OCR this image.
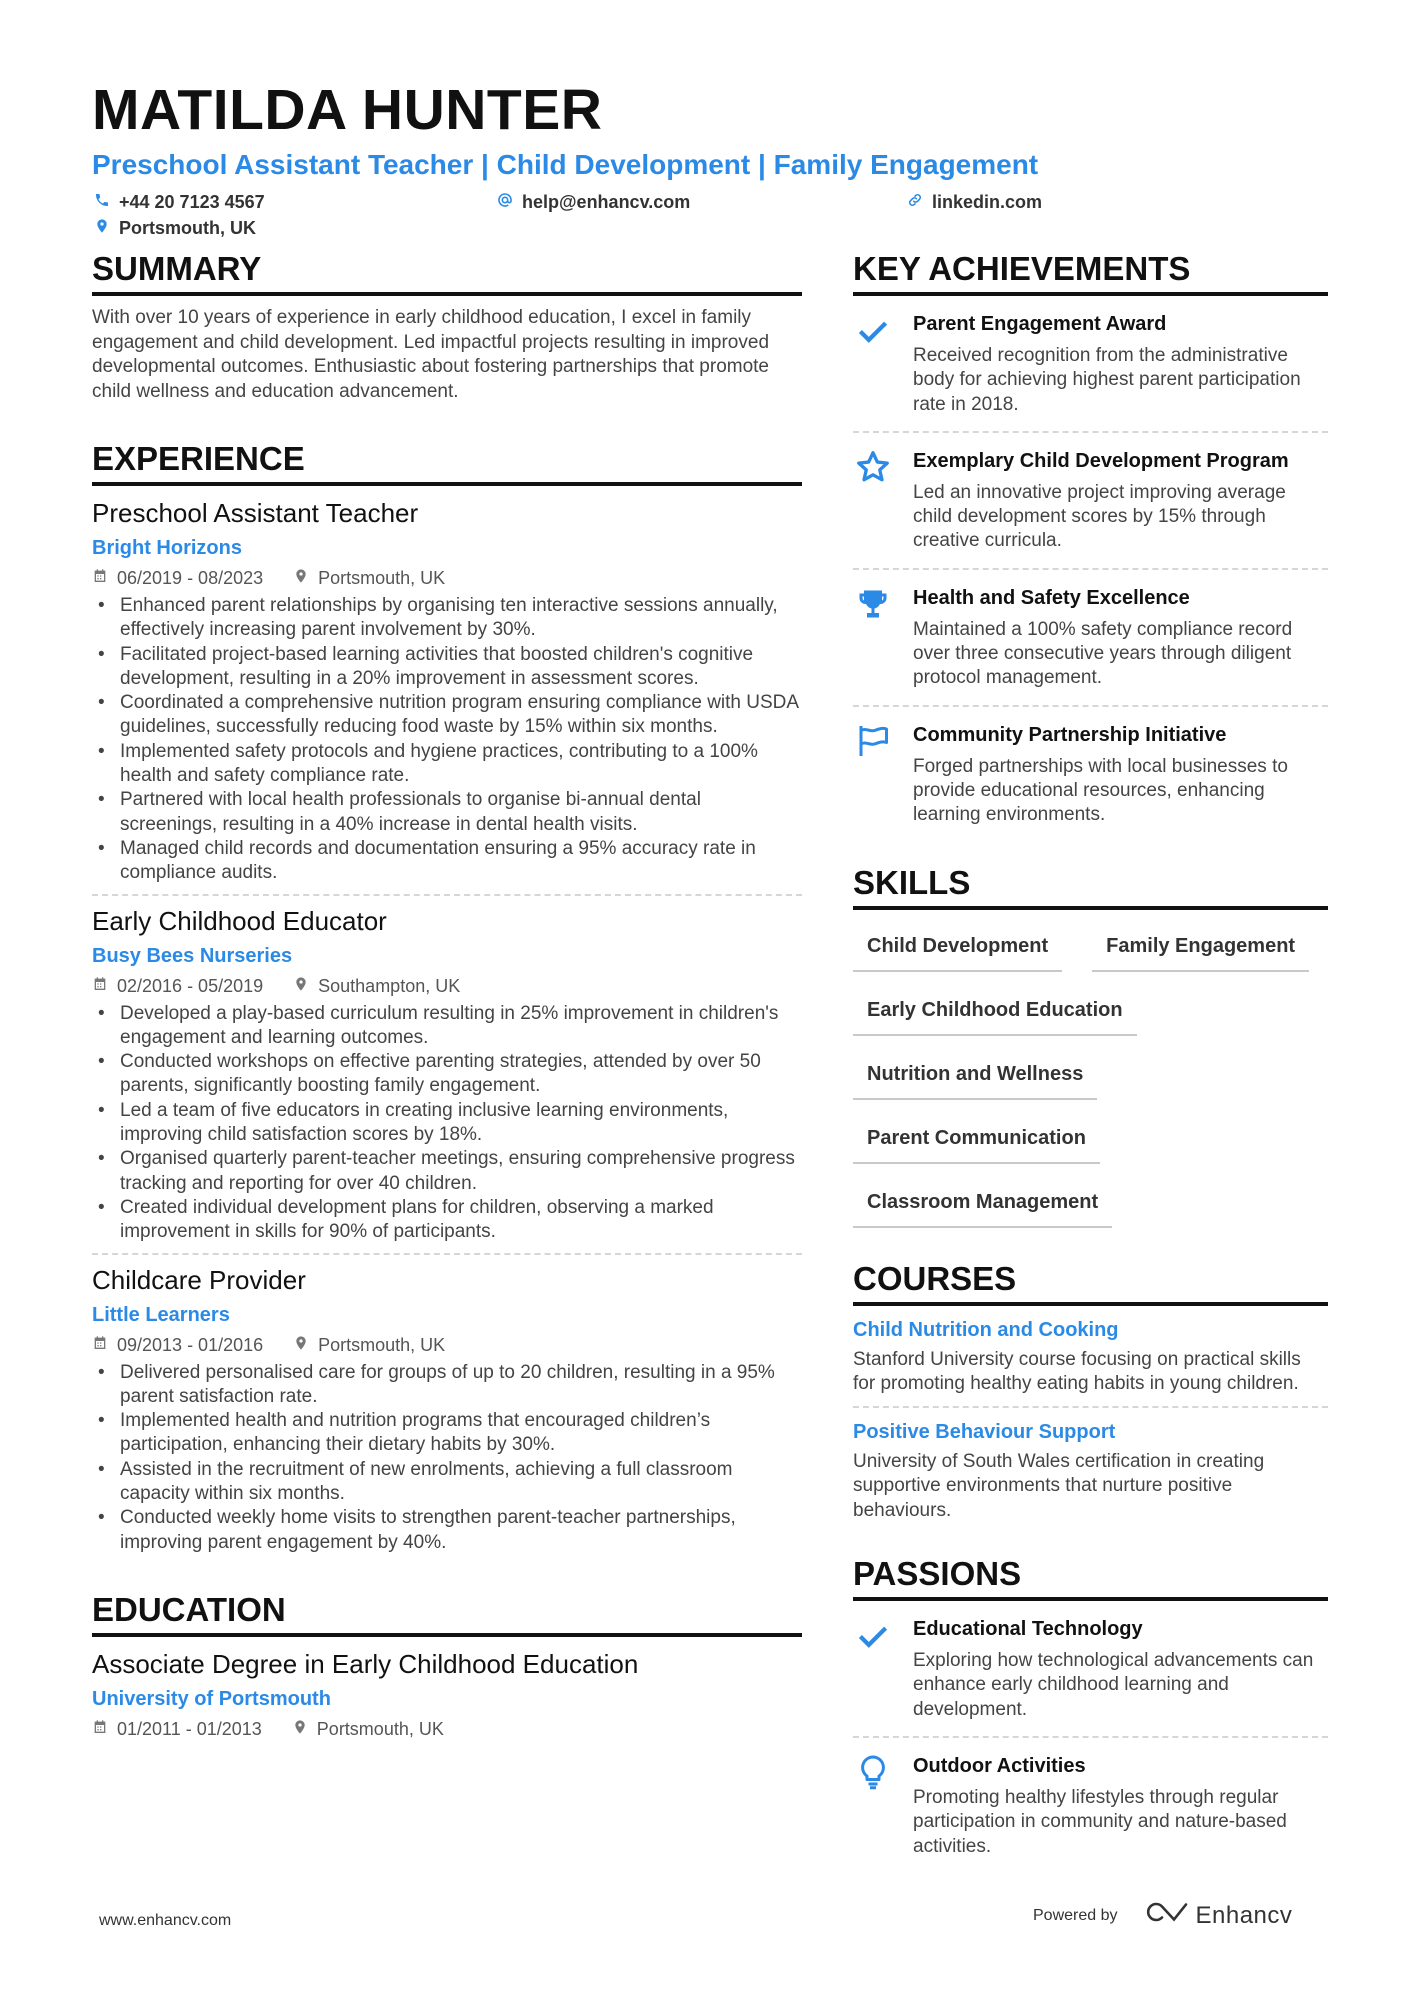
MATILDA HUNTER
Preschool Assistant Teacher | Child Development | Family Engagement
+44 20 7123 4567	help@enhancv.com	linkedin.com
Portsmouth, UK
SUMMARY
With over 10 years of experience in early childhood education, I excel in family engagement and child development. Led impactful projects resulting in improved developmental outcomes. Enthusiastic about fostering partnerships that promote child wellness and education advancement.
EXPERIENCE
Preschool Assistant Teacher
Bright Horizons
06/2019 - 08/2023	Portsmouth, UK
• Enhanced parent relationships by organising ten interactive sessions annually, effectively increasing parent involvement by 30%.
• Facilitated project-based learning activities that boosted children's cognitive development, resulting in a 20% improvement in assessment scores.
• Coordinated a comprehensive nutrition program ensuring compliance with USDA guidelines, successfully reducing food waste by 15% within six months.
• Implemented safety protocols and hygiene practices, contributing to a 100% health and safety compliance rate.
• Partnered with local health professionals to organise bi-annual dental screenings, resulting in a 40% increase in dental health visits.
• Managed child records and documentation ensuring a 95% accuracy rate in compliance audits.
Early Childhood Educator
Busy Bees Nurseries
02/2016 - 05/2019	Southampton, UK
• Developed a play-based curriculum resulting in 25% improvement in children's engagement and learning outcomes.
• Conducted workshops on effective parenting strategies, attended by over 50 parents, significantly boosting family engagement.
• Led a team of five educators in creating inclusive learning environments, improving child satisfaction scores by 18%.
• Organised quarterly parent-teacher meetings, ensuring comprehensive progress tracking and reporting for over 40 children.
• Created individual development plans for children, observing a marked improvement in skills for 90% of participants.
Childcare Provider
Little Learners
09/2013 - 01/2016	Portsmouth, UK
• Delivered personalised care for groups of up to 20 children, resulting in a 95% parent satisfaction rate.
• Implemented health and nutrition programs that encouraged children’s participation, enhancing their dietary habits by 30%.
• Assisted in the recruitment of new enrolments, achieving a full classroom capacity within six months.
• Conducted weekly home visits to strengthen parent-teacher partnerships, improving parent engagement by 40%.
EDUCATION
Associate Degree in Early Childhood Education
University of Portsmouth
01/2011 - 01/2013	Portsmouth, UK
KEY ACHIEVEMENTS
Parent Engagement Award
Received recognition from the administrative body for achieving highest parent participation rate in 2018.
Exemplary Child Development Program
Led an innovative project improving average child development scores by 15% through creative curricula.
Health and Safety Excellence
Maintained a 100% safety compliance record over three consecutive years through diligent protocol management.
Community Partnership Initiative
Forged partnerships with local businesses to provide educational resources, enhancing learning environments.
SKILLS
Child Development	Family Engagement
Early Childhood Education
Nutrition and Wellness
Parent Communication
Classroom Management
COURSES
Child Nutrition and Cooking
Stanford University course focusing on practical skills for promoting healthy eating habits in young children.
Positive Behaviour Support
University of South Wales certification in creating supportive environments that nurture positive behaviours.
PASSIONS
Educational Technology
Exploring how technological advancements can enhance early childhood learning and development.
Outdoor Activities
Promoting healthy lifestyles through regular participation in community and nature-based activities.
www.enhancv.com	Powered by	Enhancv
